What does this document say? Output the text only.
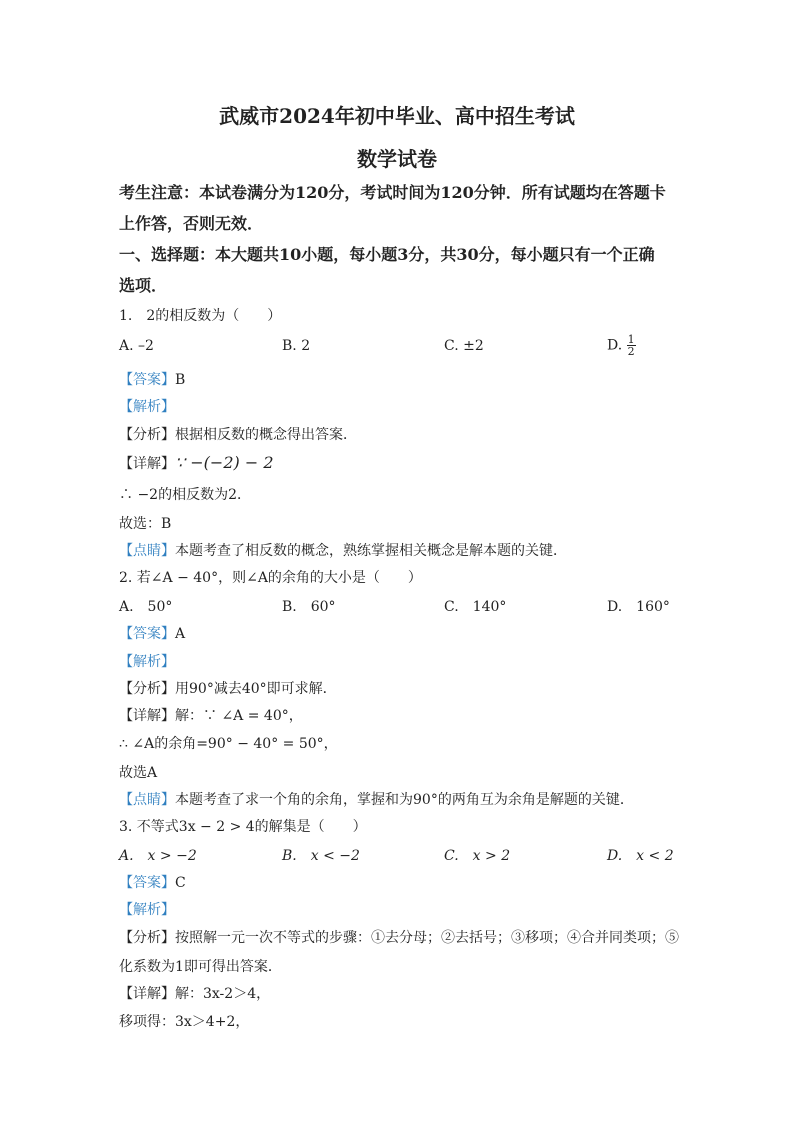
武威市2024年初中毕业、高中招生考试
数学试卷
考生注意：本试卷满分为120分，考试时间为120分钟．所有试题均在答题卡
上作答，否则无效．
一、选择题：本大题共10小题，每小题3分，共30分，每小题只有一个正确
选项．
1.　2的相反数为（　　）
A. –2	B. 2	C. ±2	D. $\frac{1}{2}$
【答案】B
【解析】
【分析】根据相反数的概念得出答案．
【详解】∵ −(−2) − 2
∴ −2的相反数为2．
故选：B
【点睛】本题考查了相反数的概念，熟练掌握相关概念是解本题的关键．
2. 若∠A − 40°，则∠A的余角的大小是（　　）
A.　50°	B.　60°	C.　140°	D.　160°
【答案】A
【解析】
【分析】用90°减去40°即可求解．
【详解】解：∵ ∠A = 40°，
∴ ∠A的余角=90° − 40° = 50°，
故选A
【点睛】本题考查了求一个角的余角，掌握和为90°的两角互为余角是解题的关键．
3. 不等式3x − 2 > 4的解集是（　　）
A.　x > −2	B.　x < −2	C.　x > 2	D.　x < 2
【答案】C
【解析】
【分析】按照解一元一次不等式的步骤：①去分母；②去括号；③移项；④合并同类项；⑤
化系数为1即可得出答案．
【详解】解：3x-2＞4，
移项得：3x＞4+2，
